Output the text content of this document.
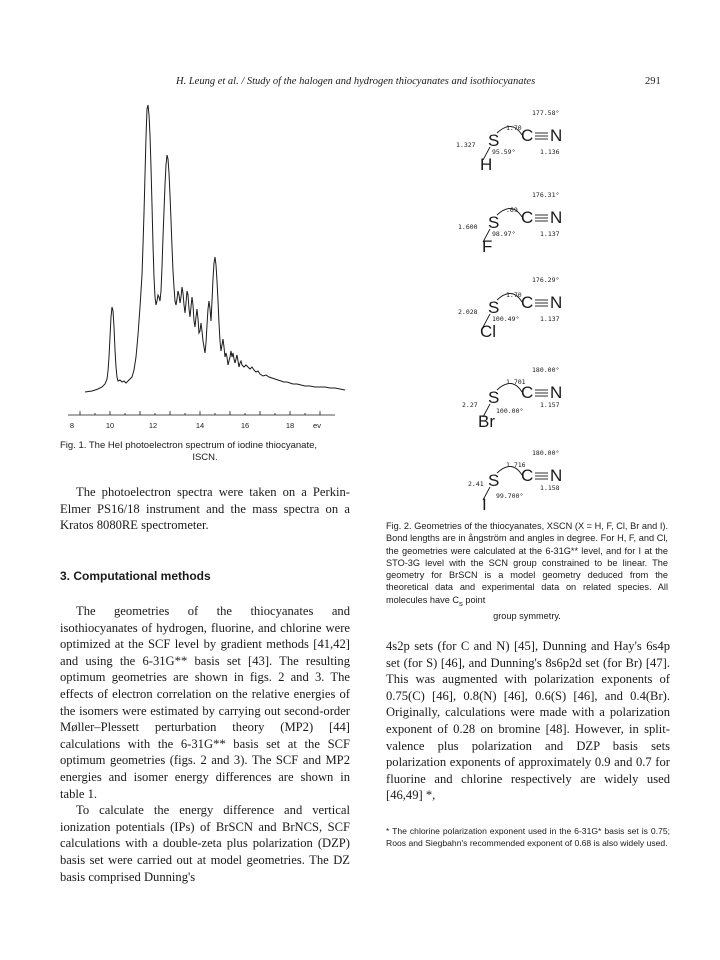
H. Leung et al. / Study of the halogen and hydrogen thiocyanates and isothiocyanates	291
8	10	12	14	16	18	ev
Fig. 1. The HeI photoelectron spectrum of iodine thiocyanate,
ISCN.

The photoelectron spectra were taken on a Perkin-Elmer PS16/18 instrument and the mass spectra on a Kratos 8080RE spectrometer.

3. Computational methods

The geometries of the thiocyanates and isothiocyanates of hydrogen, fluorine, and chlorine were optimized at the SCF level by gradient methods [41,42] and using the 6-31G** basis set [43]. The resulting optimum geometries are shown in figs. 2 and 3. The effects of electron correlation on the relative energies of the isomers were estimated by carrying out second-order Møller–Plessett perturbation theory (MP2) [44] calculations with the 6-31G** basis set at the SCF optimum geometries (figs. 2 and 3). The SCF and MP2 energies and isomer energy differences are shown in table 1.

To calculate the energy difference and vertical ionization potentials (IPs) of BrSCN and BrNCS, SCF calculations with a double-zeta plus polarization (DZP) basis set were carried out at model geometries. The DZ basis comprised Dunning's

177.58°
1.70
S C N
1.327
95.59°	1.136
H
176.31°
.69
S C N
1.600
98.97°	1.137
F
176.29°
1.70
S C N
2.028
100.49°	1.137
Cl
180.00°
1.701
S C N
2.27
100.00°
1.157
Br
180.00°
1.716
S C N
2.41
99.700°
1.158
I
Fig. 2. Geometries of the thiocyanates, XSCN (X = H, F, Cl, Br and I). Bond lengths are in ångström and angles in degree. For H, F, and Cl, the geometries were calculated at the 6-31G** level, and for I at the STO-3G level with the SCN group constrained to be linear. The geometry for BrSCN is a model geometry deduced from the theoretical data and experimental data on related species. All molecules have $C_s$ point
group symmetry.
4s2p sets (for C and N) [45], Dunning and Hay's 6s4p set (for S) [46], and Dunning's 8s6p2d set (for Br) [47]. This was augmented with polarization exponents of 0.75(C) [46], 0.8(N) [46], 0.6(S) [46], and 0.4(Br). Originally, calculations were made with a polarization exponent of 0.28 on bromine [48]. However, in split-valence plus polarization and DZP basis sets polarization exponents of approximately 0.9 and 0.7 for fluorine and chlorine respectively are widely used [46,49] *,
* The chlorine polarization exponent used in the 6-31G* basis set is 0.75; Roos and Siegbahn's recommended exponent of 0.68 is also widely used.
